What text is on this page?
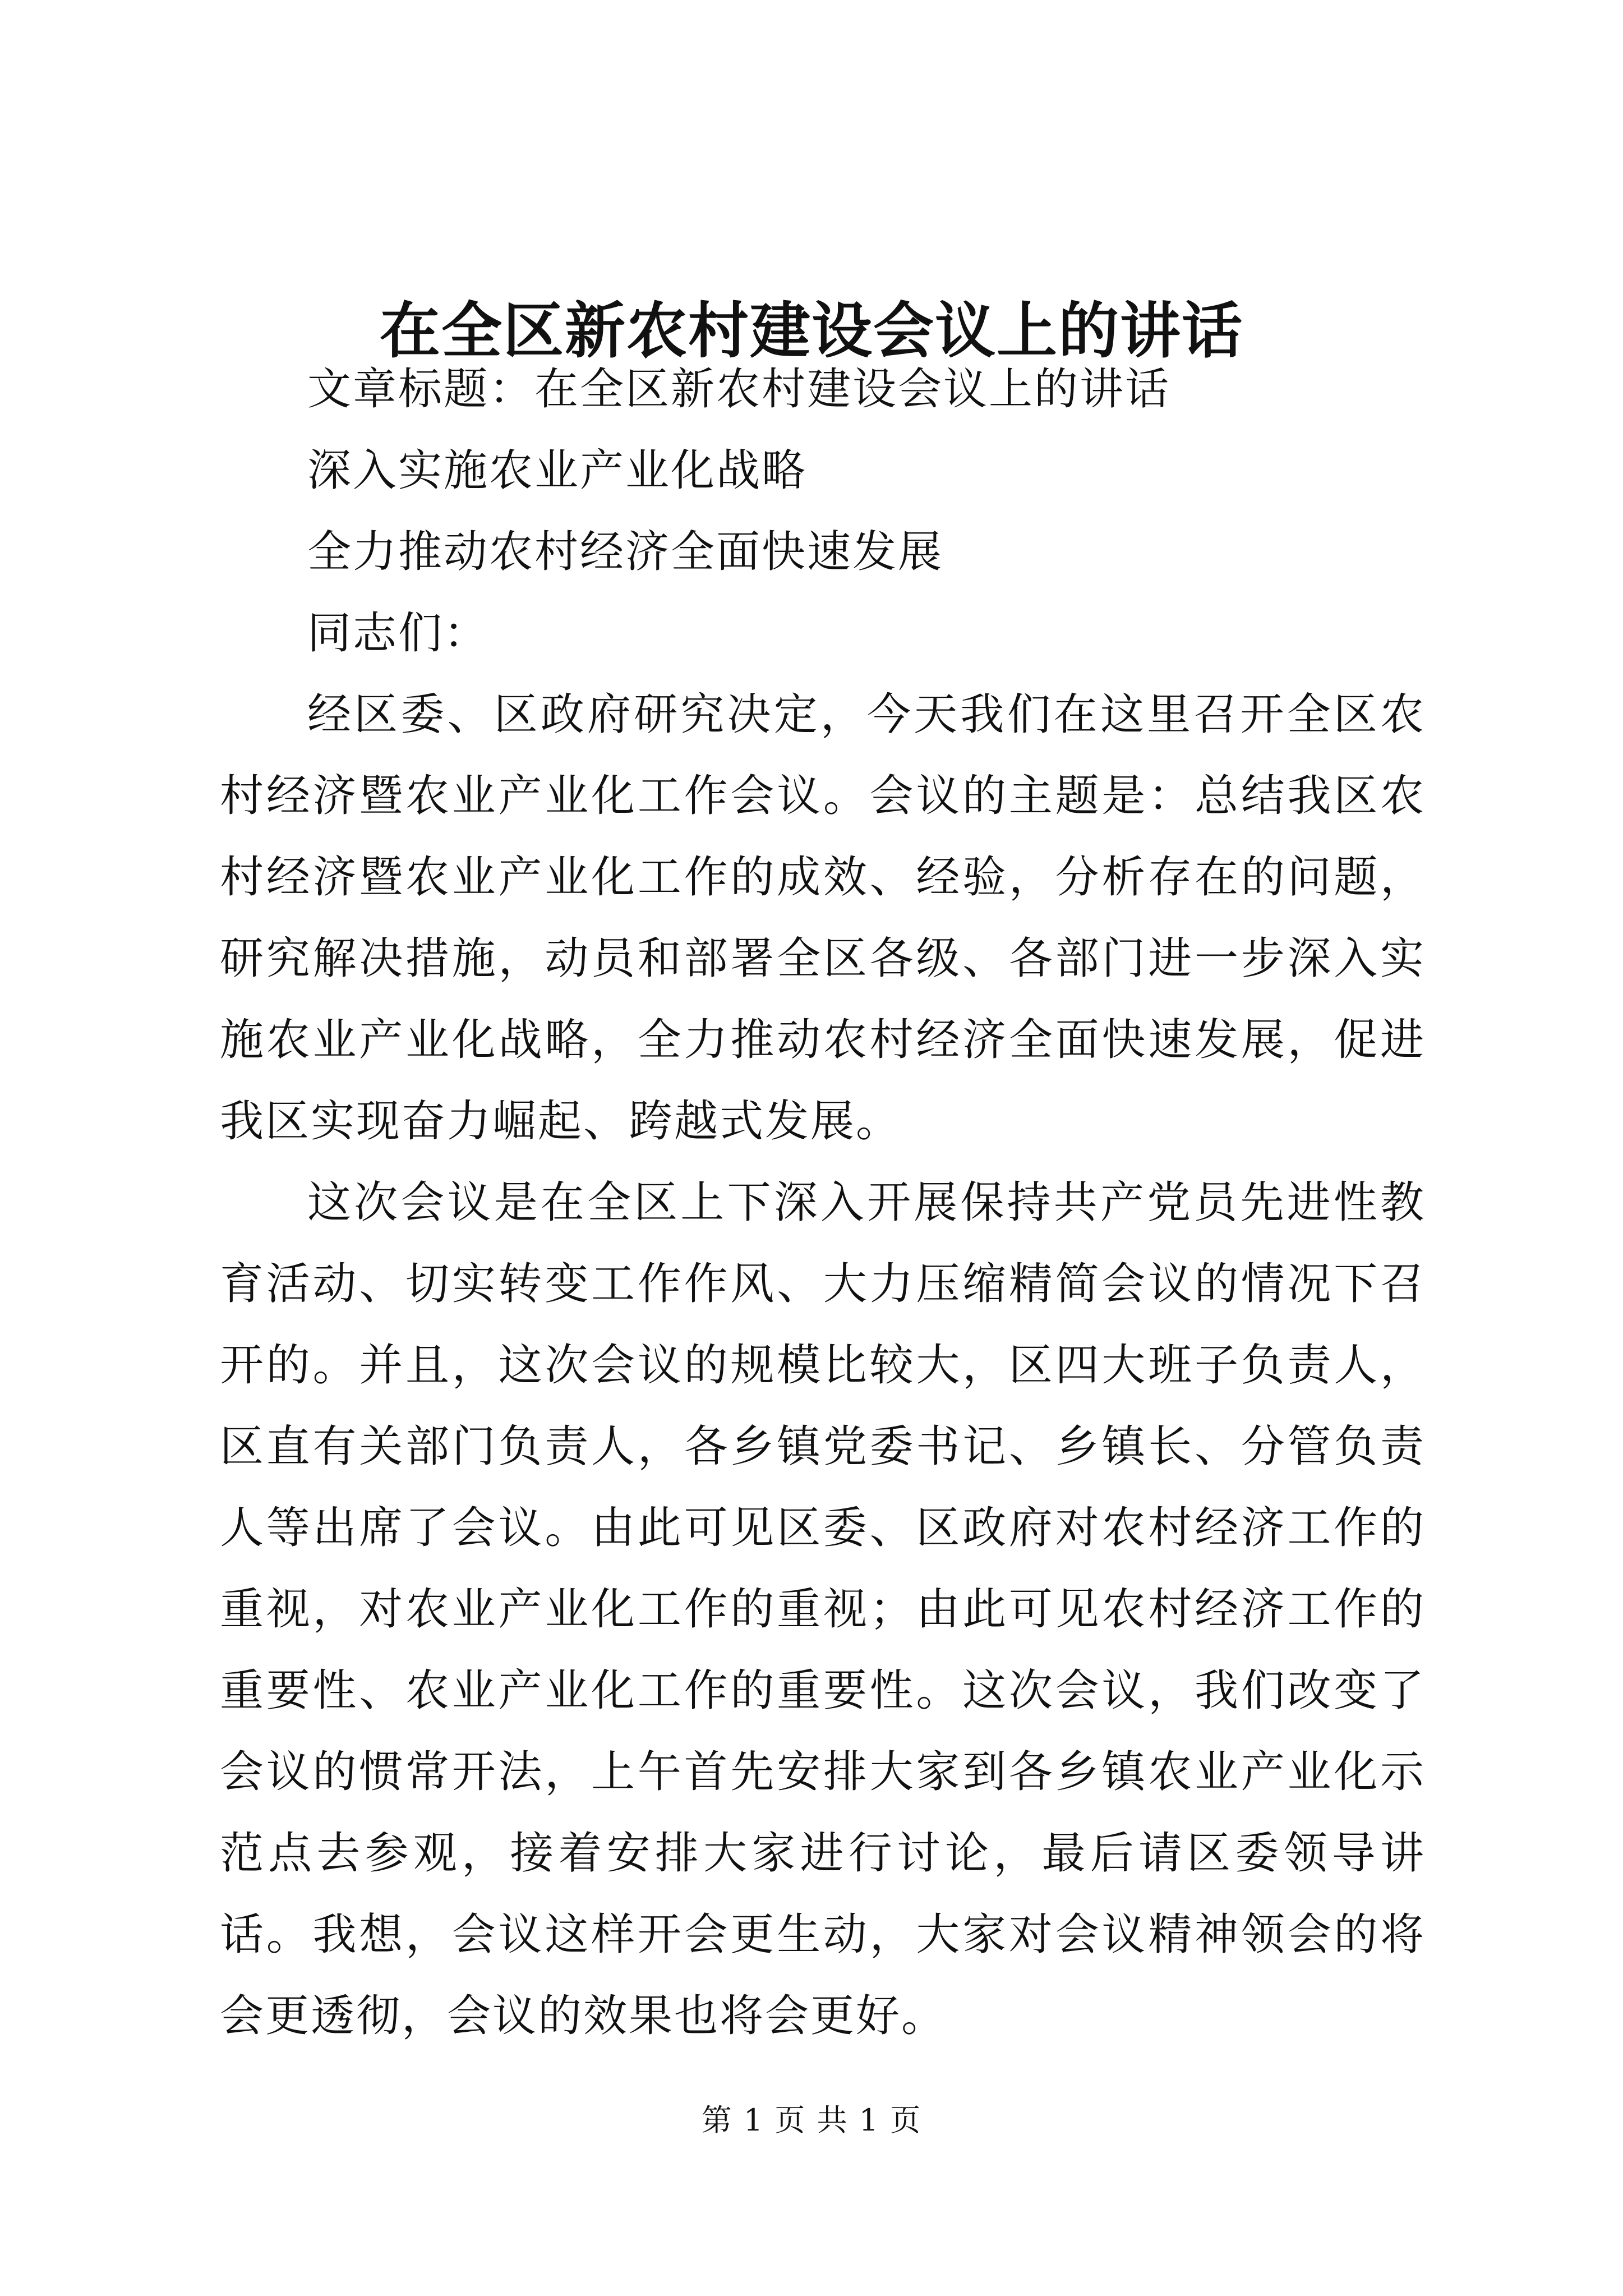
在全区新农村建设会议上的讲话

文章标题：在全区新农村建设会议上的讲话

深入实施农业产业化战略

全力推动农村经济全面快速发展

同志们：

经区委、区政府研究决定，今天我们在这里召开全区农村经济暨农业产业化工作会议。会议的主题是：总结我区农村经济暨农业产业化工作的成效、经验，分析存在的问题，研究解决措施，动员和部署全区各级、各部门进一步深入实施农业产业化战略，全力推动农村经济全面快速发展，促进我区实现奋力崛起、跨越式发展。

这次会议是在全区上下深入开展保持共产党员先进性教育活动、切实转变工作作风、大力压缩精简会议的情况下召开的。并且，这次会议的规模比较大，区四大班子负责人，区直有关部门负责人，各乡镇党委书记、乡镇长、分管负责人等出席了会议。由此可见区委、区政府对农村经济工作的重视，对农业产业化工作的重视；由此可见农村经济工作的重要性、农业产业化工作的重要性。这次会议，我们改变了会议的惯常开法，上午首先安排大家到各乡镇农业产业化示范点去参观，接着安排大家进行讨论，最后请区委领导讲话。我想，会议这样开会更生动，大家对会议精神领会的将会更透彻，会议的效果也将会更好。

第 1 页 共 1 页
